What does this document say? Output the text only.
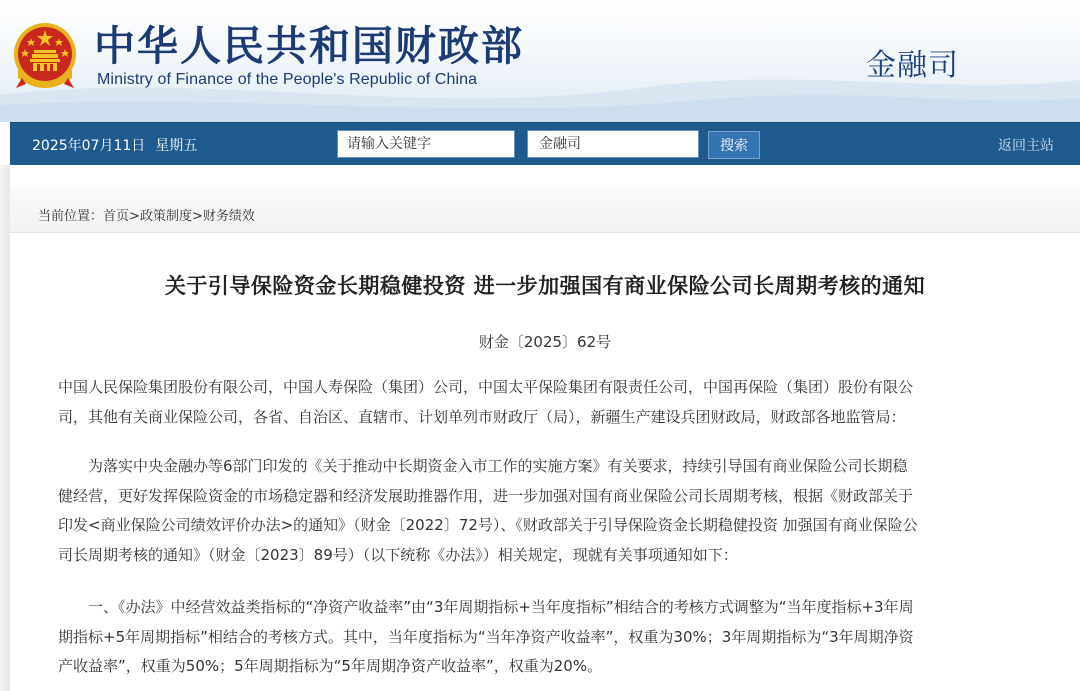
中华人民共和国财政部
Ministry of Finance of the People's Republic of China	金融司
2025年07月11日 星期五
请输入关键字	金融司	搜索	返回主站
当前位置：首页>政策制度>财务绩效
关于引导保险资金长期稳健投资 进一步加强国有商业保险公司长周期考核的通知
财金〔2025〕62号
中国人民保险集团股份有限公司，中国人寿保险（集团）公司，中国太平保险集团有限责任公司，中国再保险（集团）股份有限公
司，其他有关商业保险公司，各省、自治区、直辖市、计划单列市财政厅（局），新疆生产建设兵团财政局，财政部各地监管局：
为落实中央金融办等6部门印发的《关于推动中长期资金入市工作的实施方案》有关要求，持续引导国有商业保险公司长期稳
健经营，更好发挥保险资金的市场稳定器和经济发展助推器作用，进一步加强对国有商业保险公司长周期考核，根据《财政部关于
印发<商业保险公司绩效评价办法>的通知》（财金〔2022〕72号）、《财政部关于引导保险资金长期稳健投资 加强国有商业保险公
司长周期考核的通知》（财金〔2023〕89号）（以下统称《办法》）相关规定，现就有关事项通知如下：
一、《办法》中经营效益类指标的“净资产收益率”由“3年周期指标+当年度指标”相结合的考核方式调整为“当年度指标+3年周
期指标+5年周期指标”相结合的考核方式。其中，当年度指标为“当年净资产收益率”，权重为30%；3年周期指标为“3年周期净资
产收益率”，权重为50%；5年周期指标为“5年周期净资产收益率”，权重为20%。
